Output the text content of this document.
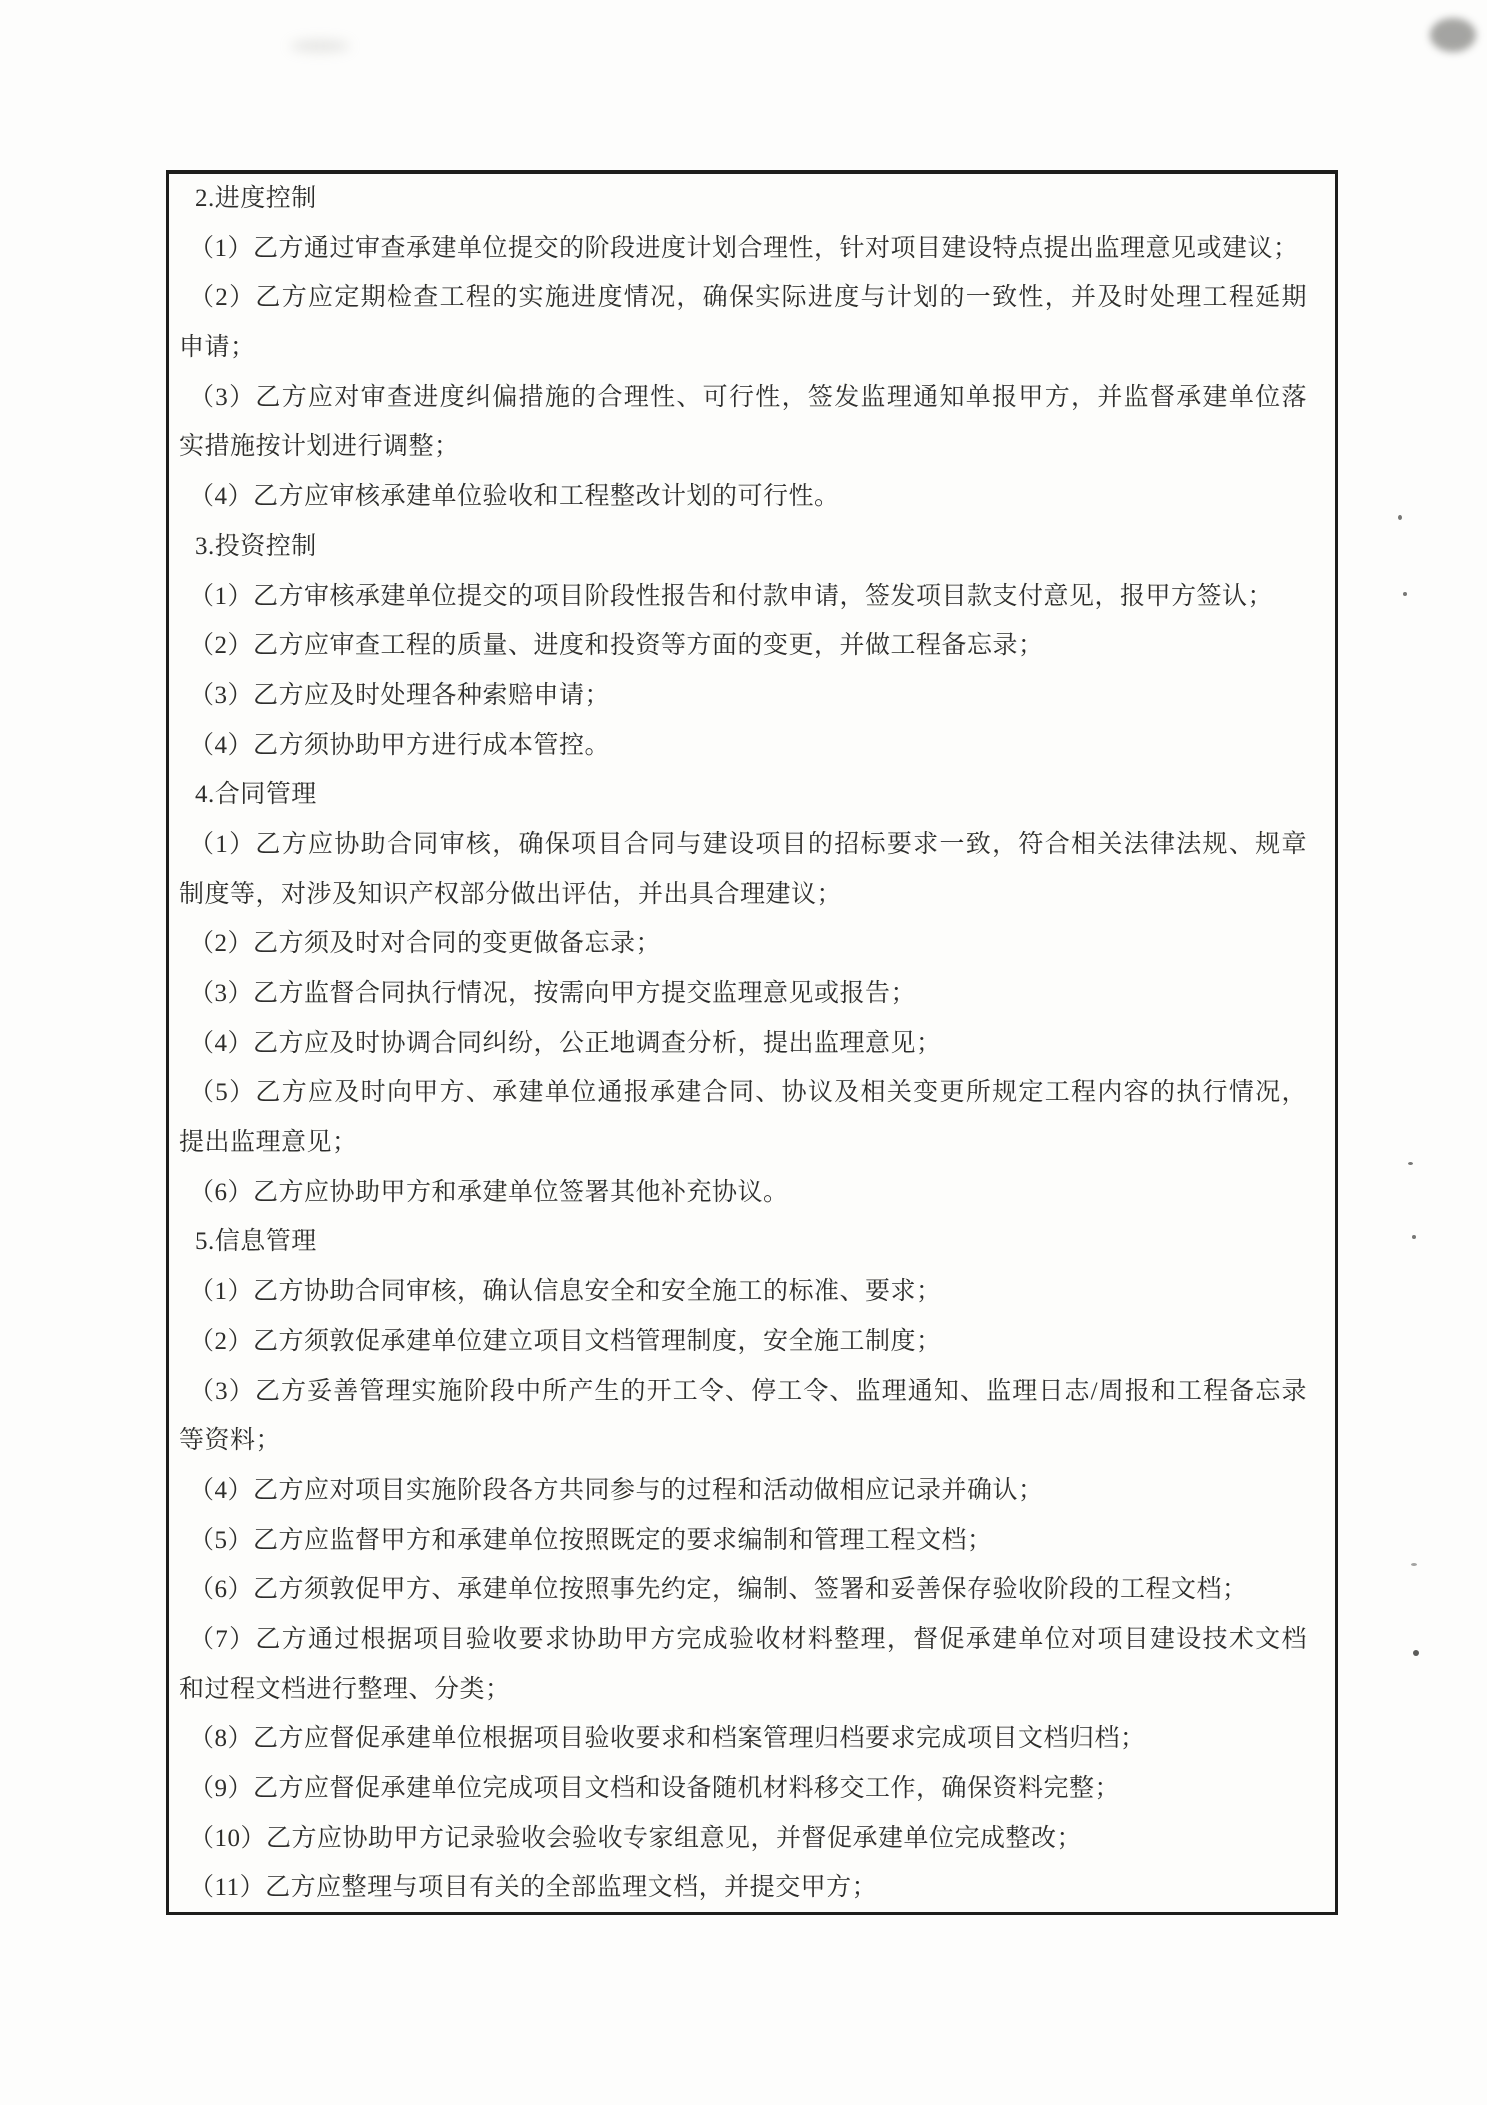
2.进度控制
（1）乙方通过审查承建单位提交的阶段进度计划合理性，针对项目建设特点提出监理意见或建议；
（2）乙方应定期检查工程的实施进度情况，确保实际进度与计划的一致性，并及时处理工程延期
申请；
（3）乙方应对审查进度纠偏措施的合理性、可行性，签发监理通知单报甲方，并监督承建单位落
实措施按计划进行调整；
（4）乙方应审核承建单位验收和工程整改计划的可行性。
3.投资控制
（1）乙方审核承建单位提交的项目阶段性报告和付款申请，签发项目款支付意见，报甲方签认；
（2）乙方应审查工程的质量、进度和投资等方面的变更，并做工程备忘录；
（3）乙方应及时处理各种索赔申请；
（4）乙方须协助甲方进行成本管控。
4.合同管理
（1）乙方应协助合同审核，确保项目合同与建设项目的招标要求一致，符合相关法律法规、规章
制度等，对涉及知识产权部分做出评估，并出具合理建议；
（2）乙方须及时对合同的变更做备忘录；
（3）乙方监督合同执行情况，按需向甲方提交监理意见或报告；
（4）乙方应及时协调合同纠纷，公正地调查分析，提出监理意见；
（5）乙方应及时向甲方、承建单位通报承建合同、协议及相关变更所规定工程内容的执行情况，
提出监理意见；
（6）乙方应协助甲方和承建单位签署其他补充协议。
5.信息管理
（1）乙方协助合同审核，确认信息安全和安全施工的标准、要求；
（2）乙方须敦促承建单位建立项目文档管理制度，安全施工制度；
（3）乙方妥善管理实施阶段中所产生的开工令、停工令、监理通知、监理日志/周报和工程备忘录
等资料；
（4）乙方应对项目实施阶段各方共同参与的过程和活动做相应记录并确认；
（5）乙方应监督甲方和承建单位按照既定的要求编制和管理工程文档；
（6）乙方须敦促甲方、承建单位按照事先约定，编制、签署和妥善保存验收阶段的工程文档；
（7）乙方通过根据项目验收要求协助甲方完成验收材料整理，督促承建单位对项目建设技术文档
和过程文档进行整理、分类；
（8）乙方应督促承建单位根据项目验收要求和档案管理归档要求完成项目文档归档；
（9）乙方应督促承建单位完成项目文档和设备随机材料移交工作，确保资料完整；
（10）乙方应协助甲方记录验收会验收专家组意见，并督促承建单位完成整改；
（11）乙方应整理与项目有关的全部监理文档，并提交甲方；
